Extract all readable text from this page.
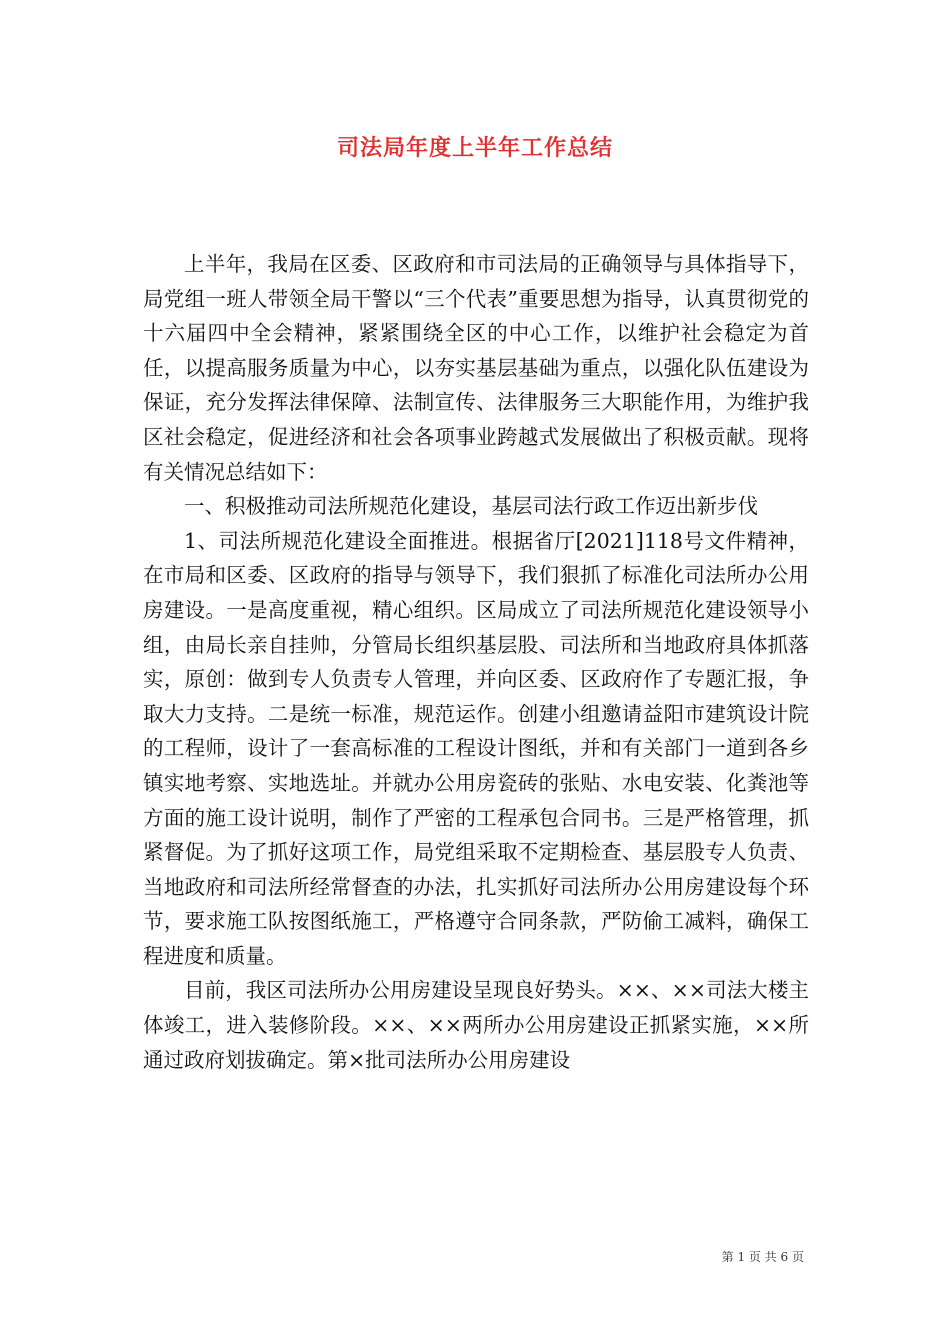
司法局年度上半年工作总结

上半年，我局在区委、区政府和市司法局的正确领导与具体指导下，局党组一班人带领全局干警以“三个代表”重要思想为指导，认真贯彻党的十六届四中全会精神，紧紧围绕全区的中心工作，以维护社会稳定为首任，以提高服务质量为中心，以夯实基层基础为重点，以强化队伍建设为保证，充分发挥法律保障、法制宣传、法律服务三大职能作用，为维护我区社会稳定，促进经济和社会各项事业跨越式发展做出了积极贡献。现将有关情况总结如下：

一、积极推动司法所规范化建设，基层司法行政工作迈出新步伐

1、司法所规范化建设全面推进。根据省厅[2021]118号文件精神，在市局和区委、区政府的指导与领导下，我们狠抓了标准化司法所办公用房建设。一是高度重视，精心组织。区局成立了司法所规范化建设领导小组，由局长亲自挂帅，分管局长组织基层股、司法所和当地政府具体抓落实，原创：做到专人负责专人管理，并向区委、区政府作了专题汇报，争取大力支持。二是统一标准，规范运作。创建小组邀请益阳市建筑设计院的工程师，设计了一套高标准的工程设计图纸，并和有关部门一道到各乡镇实地考察、实地选址。并就办公用房瓷砖的张贴、水电安装、化粪池等方面的施工设计说明，制作了严密的工程承包合同书。三是严格管理，抓紧督促。为了抓好这项工作，局党组采取不定期检查、基层股专人负责、当地政府和司法所经常督查的办法，扎实抓好司法所办公用房建设每个环节，要求施工队按图纸施工，严格遵守合同条款，严防偷工减料，确保工程进度和质量。

目前，我区司法所办公用房建设呈现良好势头。××、××司法大楼主体竣工，进入装修阶段。××、××两所办公用房建设正抓紧实施，××所通过政府划拔确定。第×批司法所办公用房建设

第 1 页 共 6 页
